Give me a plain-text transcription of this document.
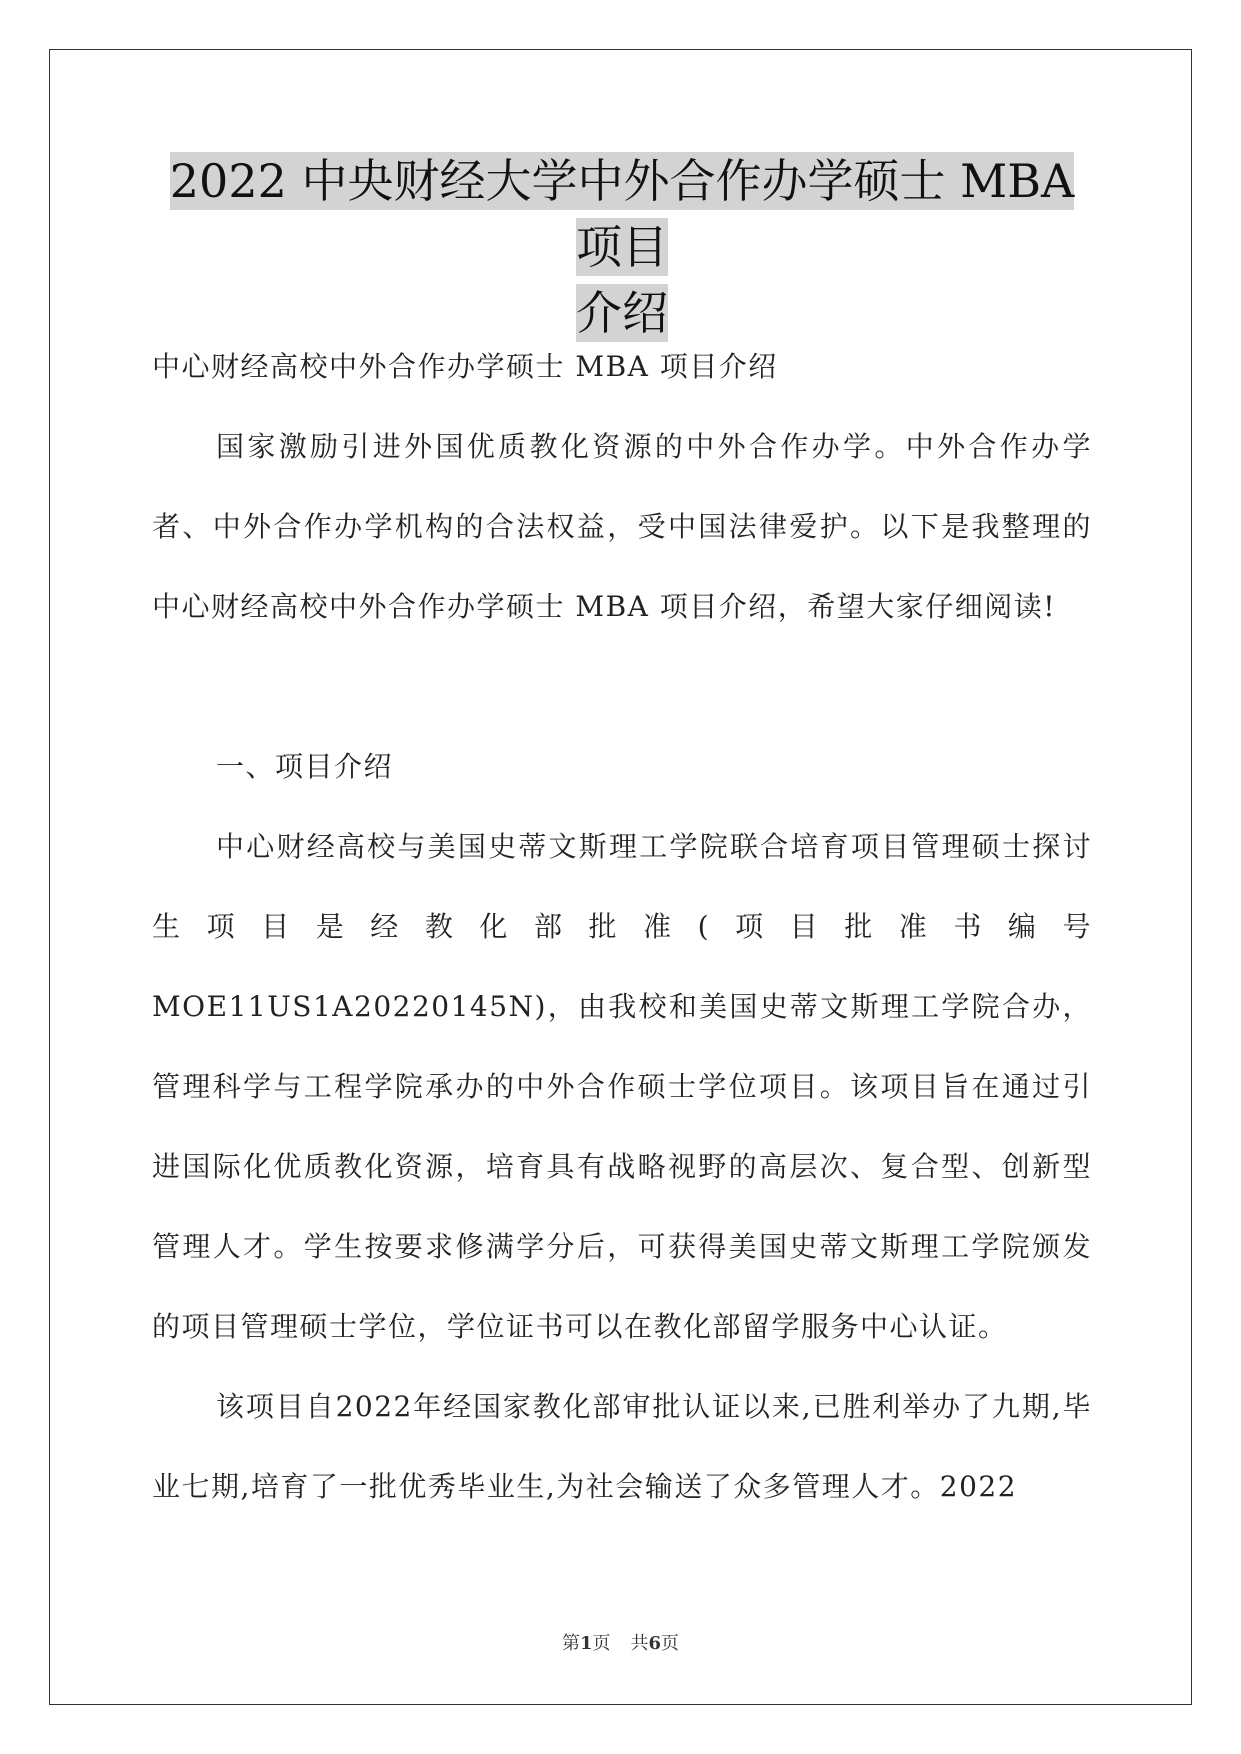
2022 中央财经大学中外合作办学硕士 MBA 项目
介绍

中心财经高校中外合作办学硕士 MBA 项目介绍

国家激励引进外国优质教化资源的中外合作办学。中外合作办学者、中外合作办学机构的合法权益，受中国法律爱护。以下是我整理的中心财经高校中外合作办学硕士 MBA 项目介绍，希望大家仔细阅读!

一、项目介绍

中心财经高校与美国史蒂文斯理工学院联合培育项目管理硕士探讨生项目是经教化部批准(项目批准书编号 MOE11US1A20220145N)，由我校和美国史蒂文斯理工学院合办，管理科学与工程学院承办的中外合作硕士学位项目。该项目旨在通过引进国际化优质教化资源，培育具有战略视野的高层次、复合型、创新型管理人才。学生按要求修满学分后，可获得美国史蒂文斯理工学院颁发的项目管理硕士学位，学位证书可以在教化部留学服务中心认证。

该项目自2022年经国家教化部审批认证以来,已胜利举办了九期,毕业七期,培育了一批优秀毕业生,为社会输送了众多管理人才。2022

第1页 共6页
